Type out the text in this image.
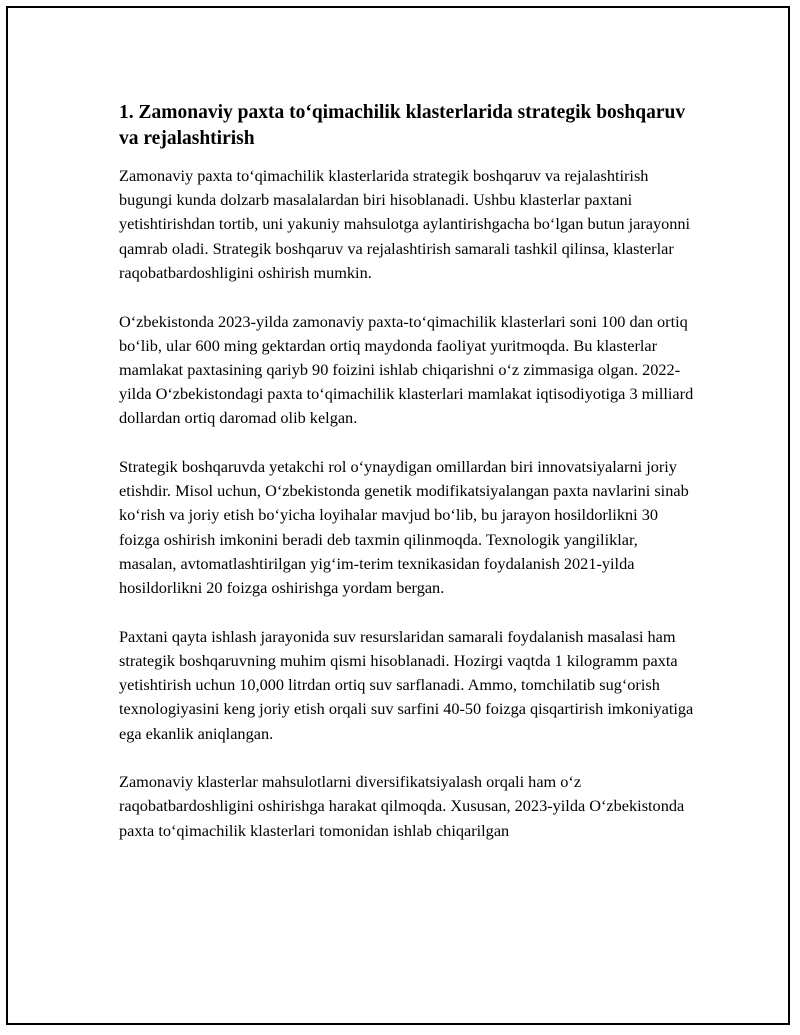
1. Zamonaviy paxta to‘qimachilik klasterlarida strategik boshqaruv va rejalashtirish

Zamonaviy paxta to‘qimachilik klasterlarida strategik boshqaruv va rejalashtirish bugungi kunda dolzarb masalalardan biri hisoblanadi. Ushbu klasterlar paxtani yetishtirishdan tortib, uni yakuniy mahsulotga aylantirishgacha bo‘lgan butun jarayonni qamrab oladi. Strategik boshqaruv va rejalashtirish samarali tashkil qilinsa, klasterlar raqobatbardoshligini oshirish mumkin.

O‘zbekistonda 2023-yilda zamonaviy paxta-to‘qimachilik klasterlari soni 100 dan ortiq bo‘lib, ular 600 ming gektardan ortiq maydonda faoliyat yuritmoqda. Bu klasterlar mamlakat paxtasining qariyb 90 foizini ishlab chiqarishni o‘z zimmasiga olgan. 2022-yilda O‘zbekistondagi paxta to‘qimachilik klasterlari mamlakat iqtisodiyotiga 3 milliard dollardan ortiq daromad olib kelgan.

Strategik boshqaruvda yetakchi rol o‘ynaydigan omillardan biri innovatsiyalarni joriy etishdir. Misol uchun, O‘zbekistonda genetik modifikatsiyalangan paxta navlarini sinab ko‘rish va joriy etish bo‘yicha loyihalar mavjud bo‘lib, bu jarayon hosildorlikni 30 foizga oshirish imkonini beradi deb taxmin qilinmoqda. Texnologik yangiliklar, masalan, avtomatlashtirilgan yig‘im-terim texnikasidan foydalanish 2021-yilda hosildorlikni 20 foizga oshirishga yordam bergan.

Paxtani qayta ishlash jarayonida suv resurslaridan samarali foydalanish masalasi ham strategik boshqaruvning muhim qismi hisoblanadi. Hozirgi vaqtda 1 kilogramm paxta yetishtirish uchun 10,000 litrdan ortiq suv sarflanadi. Ammo, tomchilatib sug‘orish texnologiyasini keng joriy etish orqali suv sarfini 40-50 foizga qisqartirish imkoniyatiga ega ekanlik aniqlangan.

Zamonaviy klasterlar mahsulotlarni diversifikatsiyalash orqali ham o‘z raqobatbardoshligini oshirishga harakat qilmoqda. Xususan, 2023-yilda O‘zbekistonda paxta to‘qimachilik klasterlari tomonidan ishlab chiqarilgan
